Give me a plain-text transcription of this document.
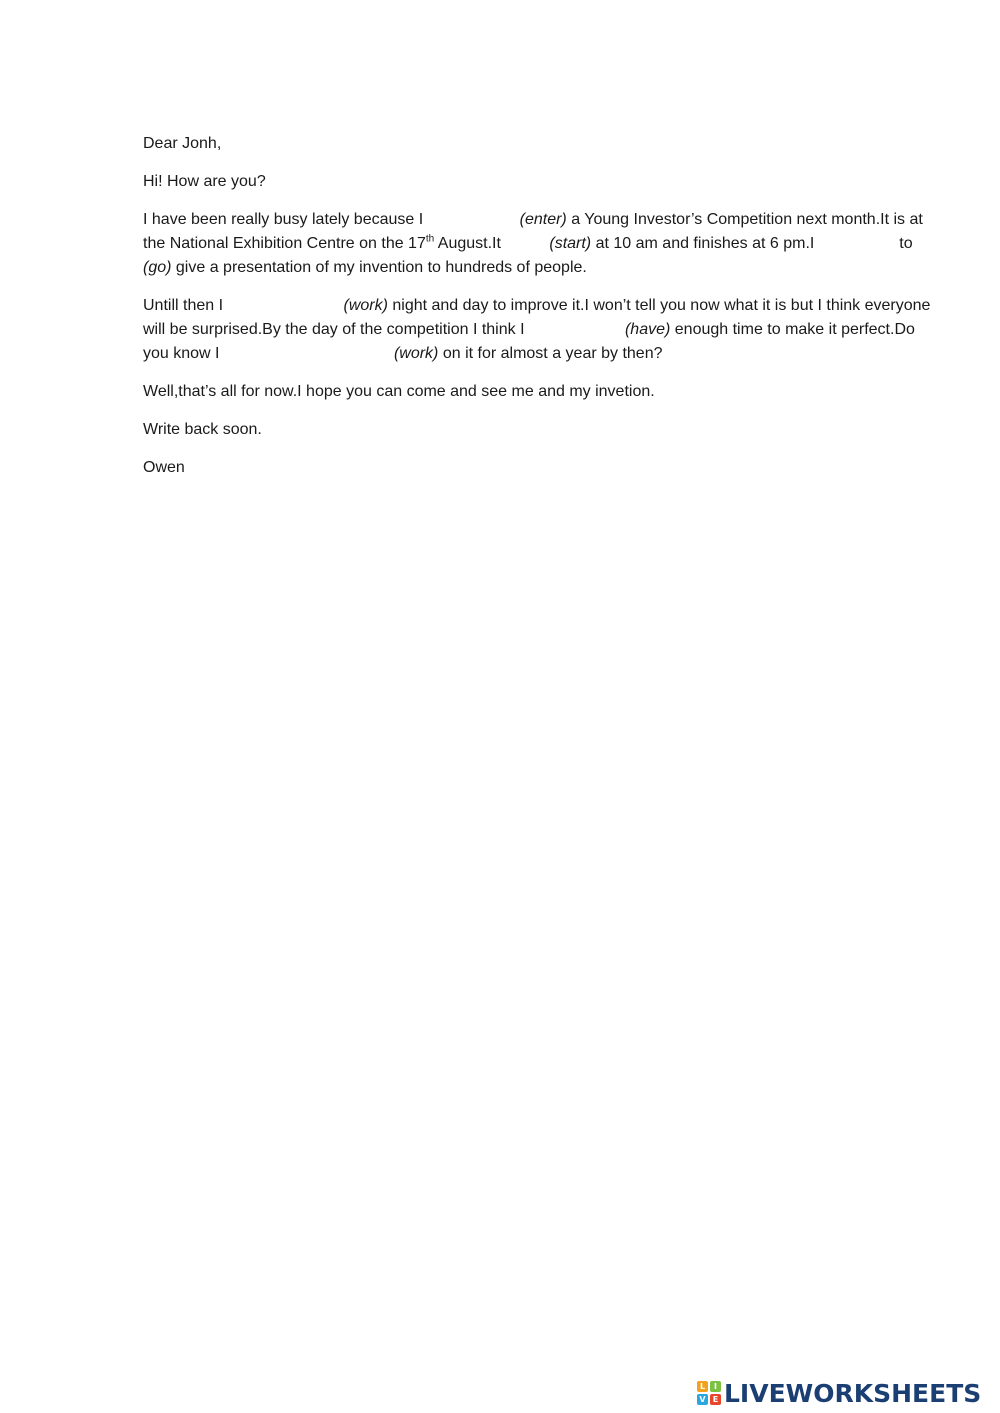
Dear Jonh,

Hi! How are you?

I have been really busy lately because I	(enter) a Young Investor’s Competition next month.It is at the National Exhibition Centre on the 17th August.It	(start) at 10 am and finishes at 6 pm.I	to (go) give a presentation of my invention to hundreds of people.

Untill then I	(work) night and day to improve it.I won’t tell you now what it is but I think everyone will be surprised.By the day of the competition I think I	(have) enough time to make it perfect.Do you know I	(work) on it for almost a year by then?

Well,that’s all for now.I hope you can come and see me and my invetion.

Write back soon.

Owen

L	I
V E LIVEWORKSHEETS
